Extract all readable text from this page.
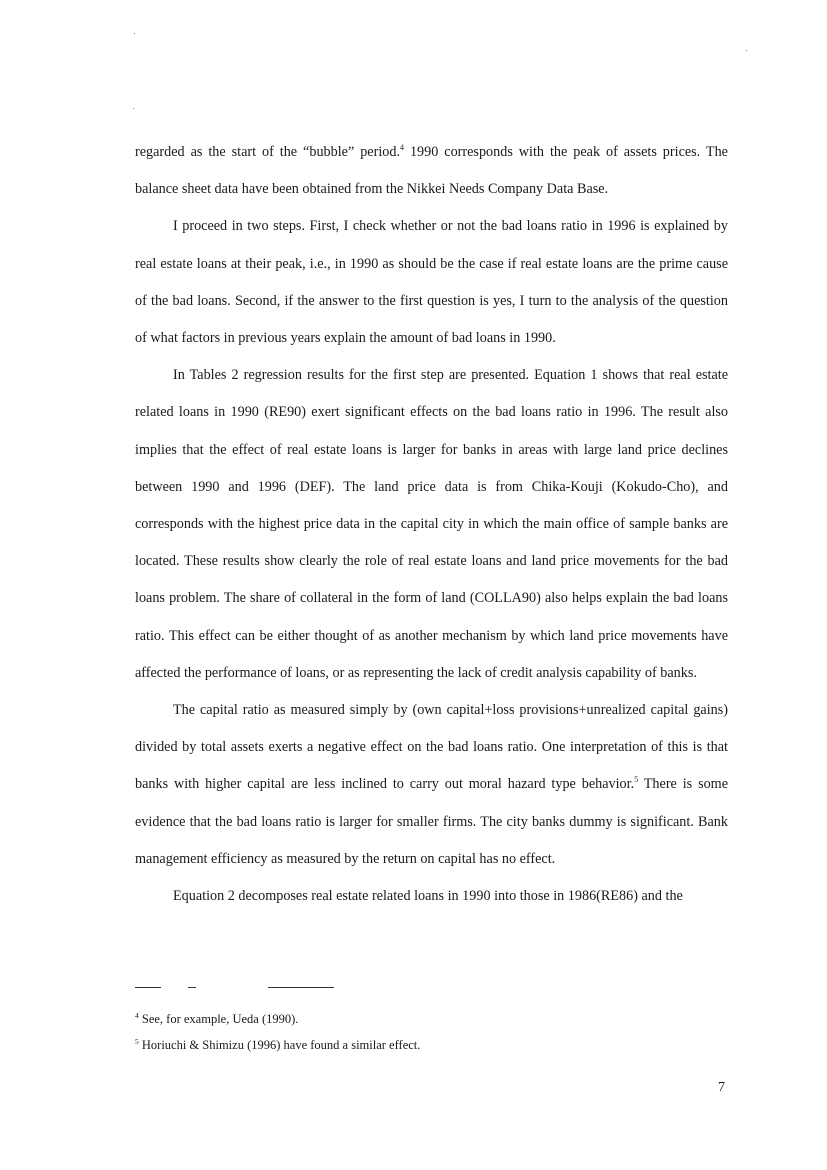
regarded as the start of the “bubble” period.$^4$ 1990 corresponds with the peak of assets prices. The balance sheet data have been obtained from the Nikkei Needs Company Data Base.

I proceed in two steps. First, I check whether or not the bad loans ratio in 1996 is explained by real estate loans at their peak, i.e., in 1990 as should be the case if real estate loans are the prime cause of the bad loans. Second, if the answer to the first question is yes, I turn to the analysis of the question of what factors in previous years explain the amount of bad loans in 1990.

In Tables 2 regression results for the first step are presented. Equation 1 shows that real estate related loans in 1990 (RE90) exert significant effects on the bad loans ratio in 1996. The result also implies that the effect of real estate loans is larger for banks in areas with large land price declines between 1990 and 1996 (DEF). The land price data is from Chika-Kouji (Kokudo-Cho), and corresponds with the highest price data in the capital city in which the main office of sample banks are located. These results show clearly the role of real estate loans and land price movements for the bad loans problem. The share of collateral in the form of land (COLLA90) also helps explain the bad loans ratio. This effect can be either thought of as another mechanism by which land price movements have affected the performance of loans, or as representing the lack of credit analysis capability of banks.

The capital ratio as measured simply by (own capital+loss provisions+unrealized capital gains) divided by total assets exerts a negative effect on the bad loans ratio. One interpretation of this is that banks with higher capital are less inclined to carry out moral hazard type behavior.$^5$ There is some evidence that the bad loans ratio is larger for smaller firms. The city banks dummy is significant. Bank management efficiency as measured by the return on capital has no effect.

Equation 2 decomposes real estate related loans in 1990 into those in 1986(RE86) and the

$^4$ See, for example, Ueda (1990).

$^5$ Horiuchi & Shimizu (1996) have found a similar effect.

7
